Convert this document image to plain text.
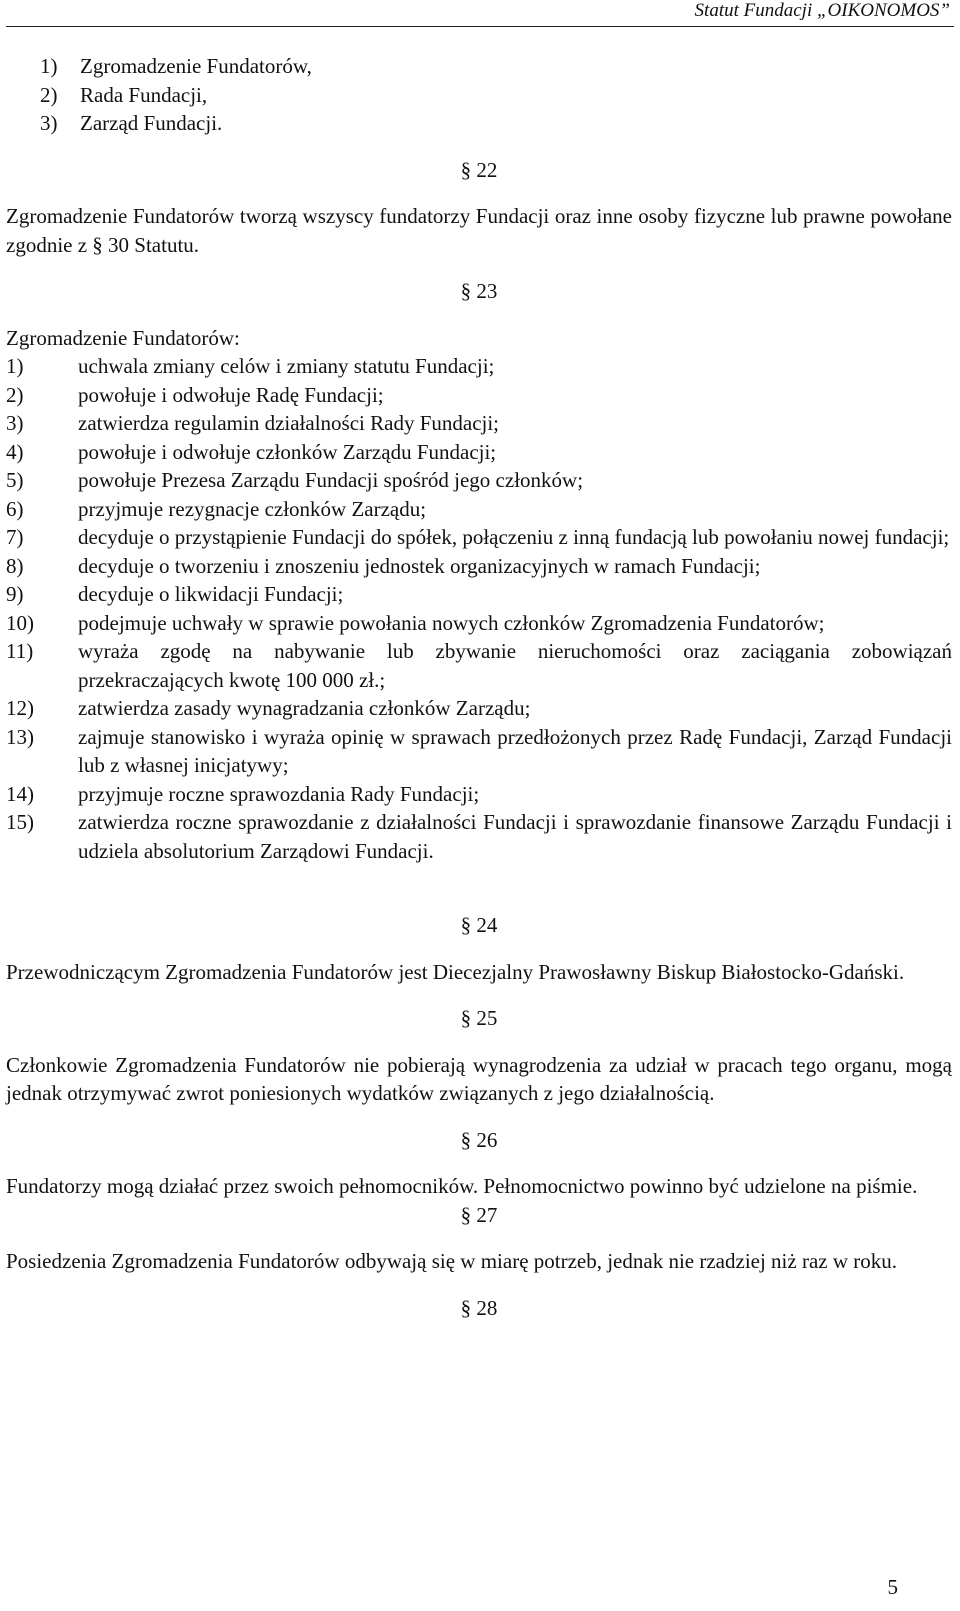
Statut Fundacji „OIKONOMOS”
1)	Zgromadzenie Fundatorów,
2)	Rada Fundacji,
3)	Zarząd Fundacji.
§ 22

Zgromadzenie Fundatorów tworzą wszyscy fundatorzy Fundacji oraz inne osoby fizyczne lub prawne powołane zgodnie z § 30 Statutu.

§ 23

Zgromadzenie Fundatorów:

1)	uchwala zmiany celów i zmiany statutu Fundacji;
2)	powołuje i odwołuje Radę Fundacji;
3)	zatwierdza regulamin działalności Rady Fundacji;
4)	powołuje i odwołuje członków Zarządu Fundacji;
5)	powołuje Prezesa Zarządu Fundacji spośród jego członków;
6)	przyjmuje rezygnacje członków Zarządu;
7)	decyduje o przystąpienie Fundacji do spółek, połączeniu z inną fundacją lub powołaniu nowej fundacji;
8)	decyduje o tworzeniu i znoszeniu jednostek organizacyjnych w ramach Fundacji;
9)	decyduje o likwidacji Fundacji;
10)	podejmuje uchwały w sprawie powołania nowych członków Zgromadzenia Fundatorów;
11)	wyraża zgodę na nabywanie lub zbywanie nieruchomości oraz zaciągania zobowiązań przekraczających kwotę 100 000 zł.;
12)	zatwierdza zasady wynagradzania członków Zarządu;
13)	zajmuje stanowisko i wyraża opinię w sprawach przedłożonych przez Radę Fundacji, Zarząd Fundacji lub z własnej inicjatywy;
14)	przyjmuje roczne sprawozdania Rady Fundacji;
15)	zatwierdza roczne sprawozdanie z działalności Fundacji i sprawozdanie finansowe Zarządu Fundacji i udziela absolutorium Zarządowi Fundacji.
§ 24

Przewodniczącym Zgromadzenia Fundatorów jest Diecezjalny Prawosławny Biskup Białostocko-Gdański.

§ 25

Członkowie Zgromadzenia Fundatorów nie pobierają wynagrodzenia za udział w pracach tego organu, mogą jednak otrzymywać zwrot poniesionych wydatków związanych z jego działalnością.

§ 26

Fundatorzy mogą działać przez swoich pełnomocników. Pełnomocnictwo powinno być udzielone na piśmie.

§ 27

Posiedzenia Zgromadzenia Fundatorów odbywają się w miarę potrzeb, jednak nie rzadziej niż raz w roku.

§ 28
5
